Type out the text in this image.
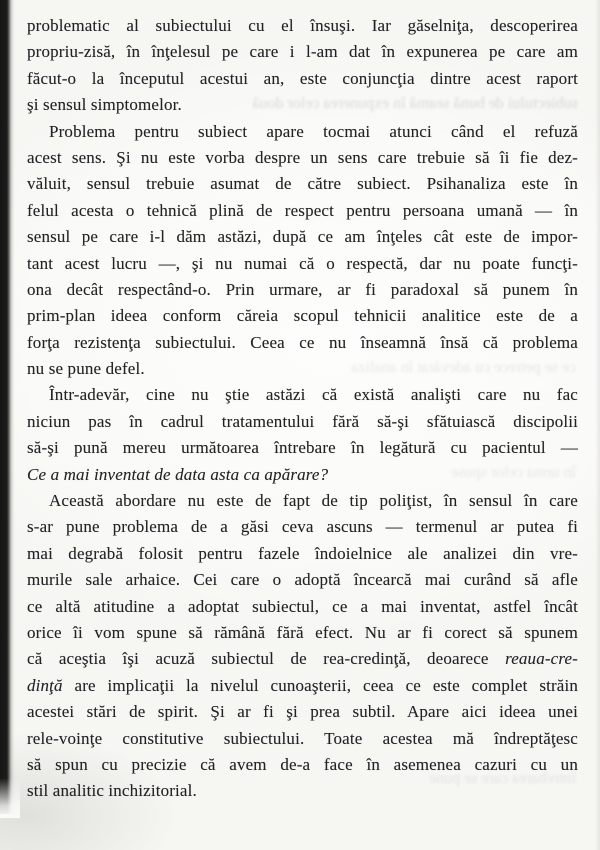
subiectului de bună seamă în expunerea celor două
ce se petrece cu adevărat în analiza
în urma celor spuse
întrebarea care se pune
problematic al subiectului cu el însuşi. Iar găselniţa, descoperirea
propriu-zisă, în înţelesul pe care i l-am dat în expunerea pe care am
făcut-o la începutul acestui an, este conjuncţia dintre acest raport
şi sensul simptomelor.
Problema pentru subiect apare tocmai atunci când el refuză
acest sens. Şi nu este vorba despre un sens care trebuie să îi fie dez-
văluit, sensul trebuie asumat de către subiect. Psihanaliza este în
felul acesta o tehnică plină de respect pentru persoana umană — în
sensul pe care i-l dăm astăzi, după ce am înţeles cât este de impor-
tant acest lucru —, şi nu numai că o respectă, dar nu poate funcţi-
ona decât respectând-o. Prin urmare, ar fi paradoxal să punem în
prim-plan ideea conform căreia scopul tehnicii analitice este de a
forţa rezistenţa subiectului. Ceea ce nu înseamnă însă că problema
nu se pune defel.
Într-adevăr, cine nu ştie astăzi că există analişti care nu fac
niciun pas în cadrul tratamentului fără să-şi sfătuiască discipolii
să-şi pună mereu următoarea întrebare în legătură cu pacientul —
Ce a mai inventat de data asta ca apărare?
Această abordare nu este de fapt de tip poliţist, în sensul în care
s-ar pune problema de a găsi ceva ascuns — termenul ar putea fi
mai degrabă folosit pentru fazele îndoielnice ale analizei din vre-
murile sale arhaice. Cei care o adoptă încearcă mai curând să afle
ce altă atitudine a adoptat subiectul, ce a mai inventat, astfel încât
orice îi vom spune să rămână fără efect. Nu ar fi corect să spunem
că aceştia îşi acuză subiectul de rea-credinţă, deoarece reaua-cre-
dinţă are implicaţii la nivelul cunoaşterii, ceea ce este complet străin
acestei stări de spirit. Şi ar fi şi prea subtil. Apare aici ideea unei
rele-voinţe constitutive subiectului. Toate acestea mă îndreptăţesc
să spun cu precizie că avem de-a face în asemenea cazuri cu un
stil analitic inchizitorial.
